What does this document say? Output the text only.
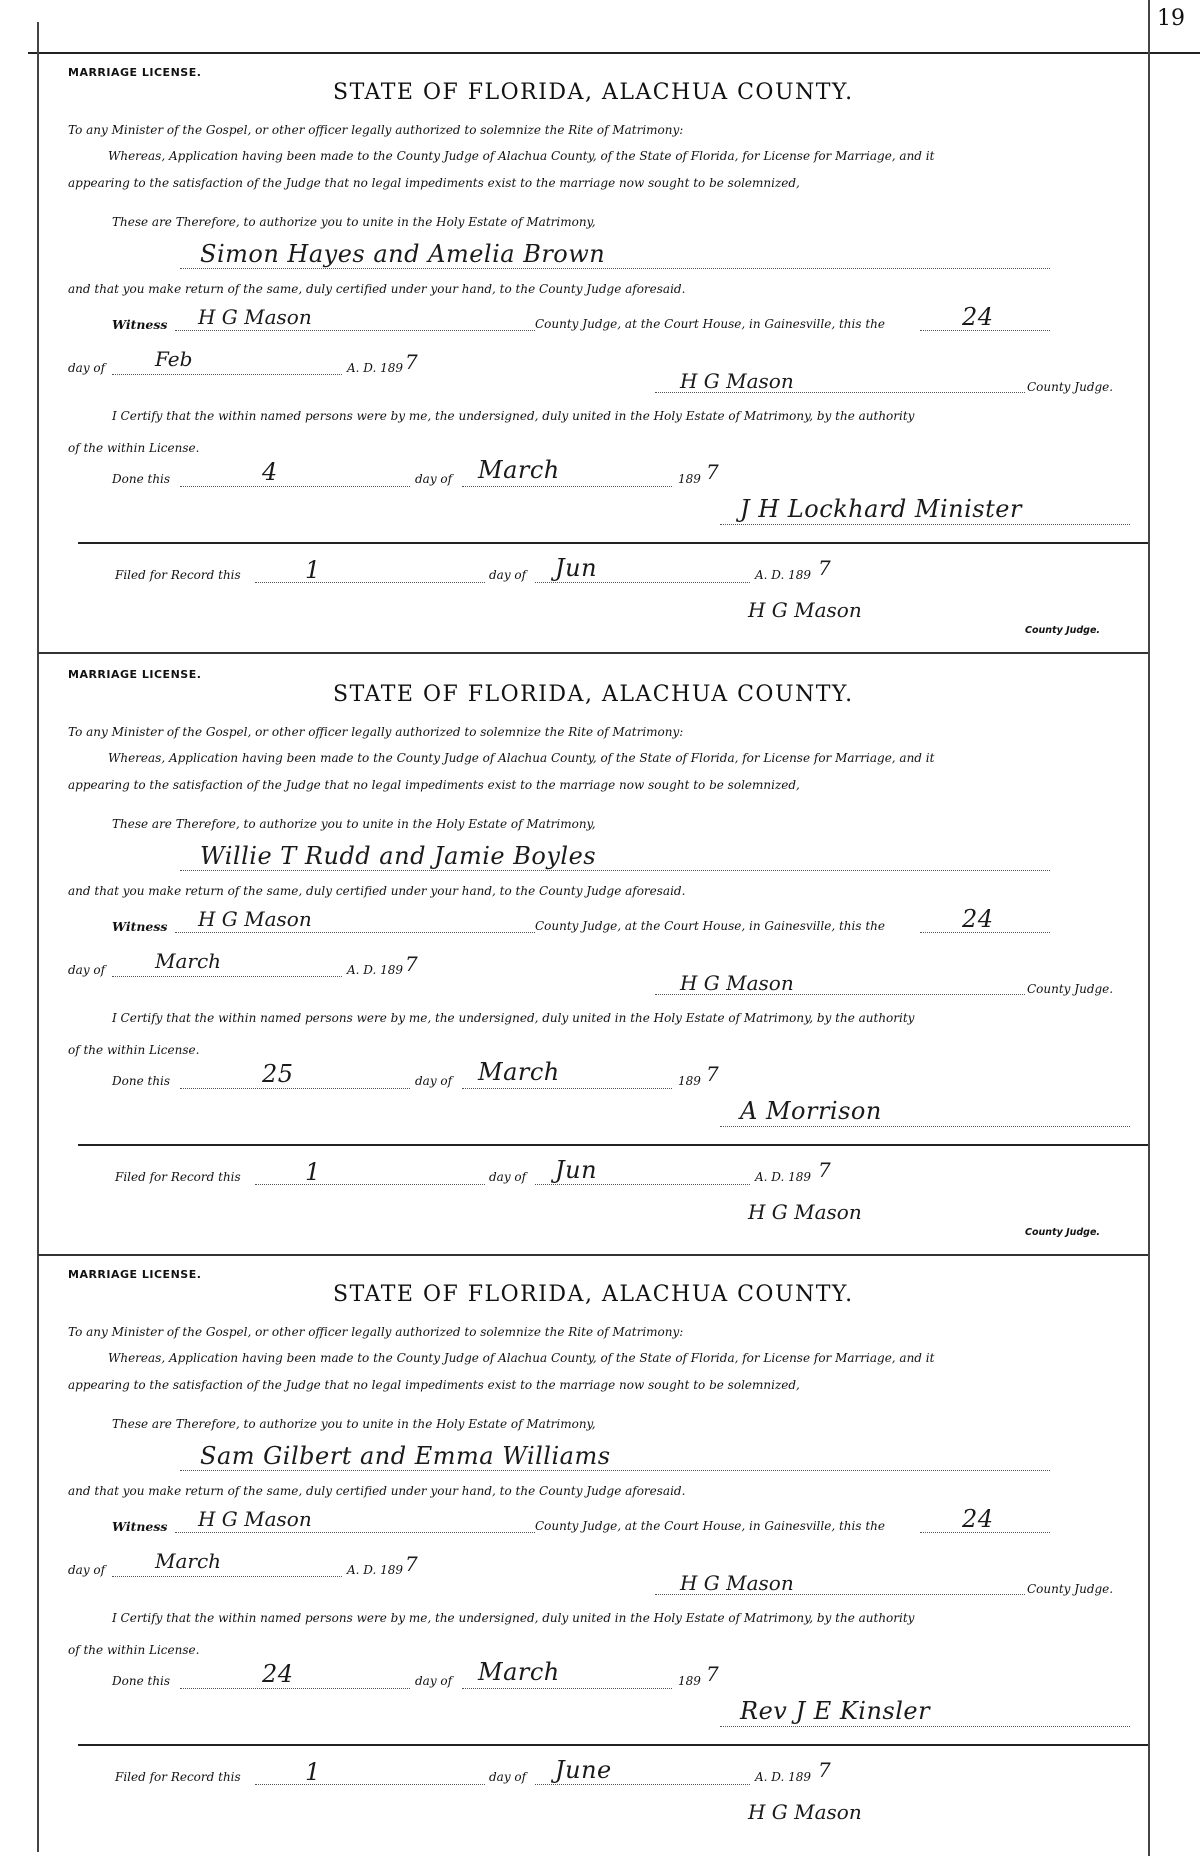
19
MARRIAGE LICENSE.
STATE OF FLORIDA, ALACHUA COUNTY.
To any Minister of the Gospel, or other officer legally authorized to solemnize the Rite of Matrimony:
Whereas, Application having been made to the County Judge of Alachua County, of the State of Florida, for License for Marriage, and it
appearing to the satisfaction of the Judge that no legal impediments exist to the marriage now sought to be solemnized,
These are Therefore, to authorize you to unite in the Holy Estate of Matrimony,
Simon Hayes and Amelia Brown
and that you make return of the same, duly certified under your hand, to the County Judge aforesaid.
Witness H G Mason	County Judge, at the Court House, in Gainesville, this the	24
day of Feb	A. D. 189 7
H G Mason	County Judge.
I Certify that the within named persons were by me, the undersigned, duly united in the Holy Estate of Matrimony, by the authority
of the within License.
Done this	4	day of March	189 7
J H Lockhard Minister
Filed for Record this	1	day of Jun	A. D. 189 7
H G Mason
County Judge.
MARRIAGE LICENSE.
STATE OF FLORIDA, ALACHUA COUNTY.
To any Minister of the Gospel, or other officer legally authorized to solemnize the Rite of Matrimony:
Whereas, Application having been made to the County Judge of Alachua County, of the State of Florida, for License for Marriage, and it
appearing to the satisfaction of the Judge that no legal impediments exist to the marriage now sought to be solemnized,
These are Therefore, to authorize you to unite in the Holy Estate of Matrimony,
Willie T Rudd and Jamie Boyles
and that you make return of the same, duly certified under your hand, to the County Judge aforesaid.
Witness H G Mason	County Judge, at the Court House, in Gainesville, this the	24
day of March	A. D. 189 7
H G Mason	County Judge.
I Certify that the within named persons were by me, the undersigned, duly united in the Holy Estate of Matrimony, by the authority
of the within License.
Done this	25	day of March	189 7
A Morrison
Filed for Record this	1	day of Jun	A. D. 189 7
H G Mason
County Judge.
MARRIAGE LICENSE.
STATE OF FLORIDA, ALACHUA COUNTY.
To any Minister of the Gospel, or other officer legally authorized to solemnize the Rite of Matrimony:
Whereas, Application having been made to the County Judge of Alachua County, of the State of Florida, for License for Marriage, and it
appearing to the satisfaction of the Judge that no legal impediments exist to the marriage now sought to be solemnized,
These are Therefore, to authorize you to unite in the Holy Estate of Matrimony,
Sam Gilbert and Emma Williams
and that you make return of the same, duly certified under your hand, to the County Judge aforesaid.
Witness H G Mason	County Judge, at the Court House, in Gainesville, this the	24
day of March	A. D. 189 7
H G Mason	County Judge.
I Certify that the within named persons were by me, the undersigned, duly united in the Holy Estate of Matrimony, by the authority
of the within License.
Done this	24	day of March	189 7
Rev J E Kinsler
Filed for Record this	1	day of June	A. D. 189 7
H G Mason
